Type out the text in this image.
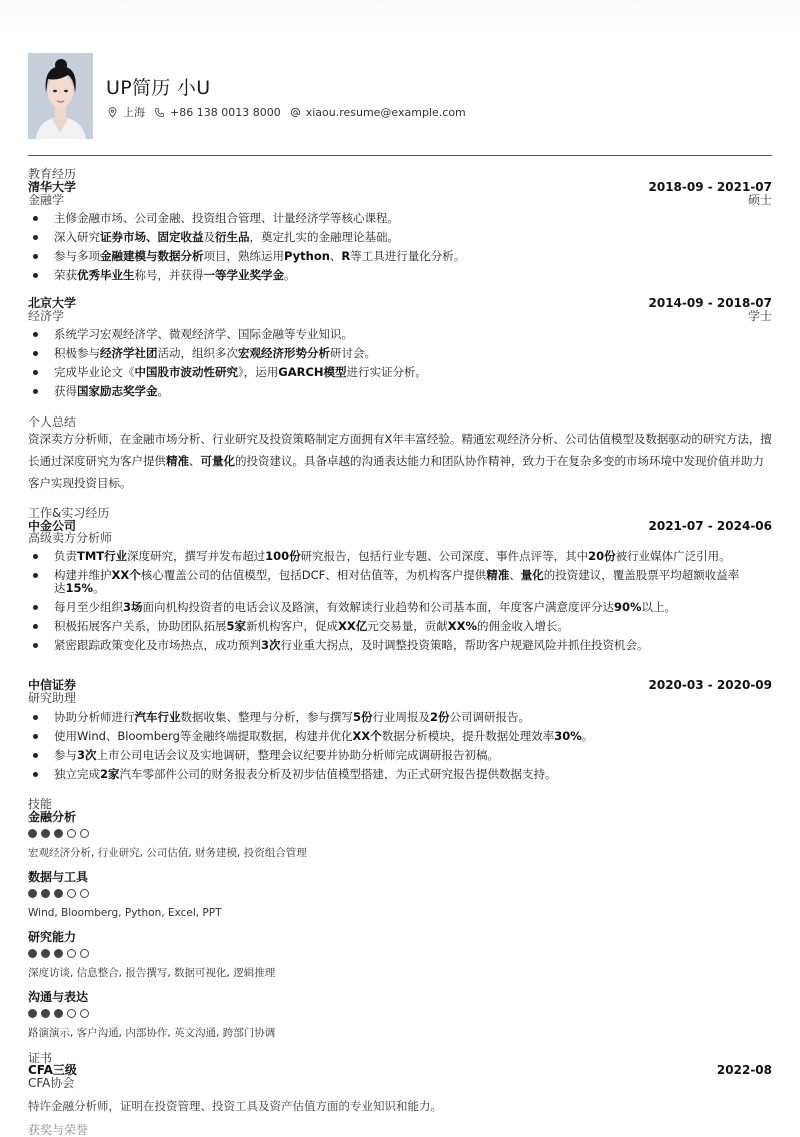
UP简历 小U
上海 +86 138 0013 8000 xiaou.resume@example.com
教育经历
清华大学
金融学
2018-09 - 2021-07
硕士
主修金融市场、公司金融、投资组合管理、计量经济学等核心课程。
深入研究证券市场、固定收益及衍生品，奠定扎实的金融理论基础。
参与多项金融建模与数据分析项目，熟练运用Python、R等工具进行量化分析。
荣获优秀毕业生称号，并获得一等学业奖学金。
北京大学
经济学
2014-09 - 2018-07
学士
系统学习宏观经济学、微观经济学、国际金融等专业知识。
积极参与经济学社团活动，组织多次宏观经济形势分析研讨会。
完成毕业论文《中国股市波动性研究》，运用GARCH模型进行实证分析。
获得国家励志奖学金。
个人总结
资深卖方分析师，在金融市场分析、行业研究及投资策略制定方面拥有X年丰富经验。精通宏观经济分析、公司估值模型及数据驱动的研究方法，擅长通过深度研究为客户提供精准、可量化的投资建议。具备卓越的沟通表达能力和团队协作精神，致力于在复杂多变的市场环境中发现价值并助力客户实现投资目标。
工作&实习经历
中金公司
高级卖方分析师
2021-07 - 2024-06
负责TMT行业深度研究，撰写并发布超过100份研究报告，包括行业专题、公司深度、事件点评等，其中20份被行业媒体广泛引用。
构建并维护XX个核心覆盖公司的估值模型，包括DCF、相对估值等，为机构客户提供精准、量化的投资建议，覆盖股票平均超额收益率达15%。
每月至少组织3场面向机构投资者的电话会议及路演，有效解读行业趋势和公司基本面，年度客户满意度评分达90%以上。
积极拓展客户关系，协助团队拓展5家新机构客户，促成XX亿元交易量，贡献XX%的佣金收入增长。
紧密跟踪政策变化及市场热点，成功预判3次行业重大拐点，及时调整投资策略，帮助客户规避风险并抓住投资机会。
中信证券
研究助理
2020-03 - 2020-09
协助分析师进行汽车行业数据收集、整理与分析，参与撰写5份行业周报及2份公司调研报告。
使用Wind、Bloomberg等金融终端提取数据，构建并优化XX个数据分析模块，提升数据处理效率30%。
参与3次上市公司电话会议及实地调研，整理会议纪要并协助分析师完成调研报告初稿。
独立完成2家汽车零部件公司的财务报表分析及初步估值模型搭建，为正式研究报告提供数据支持。
技能
金融分析
宏观经济分析, 行业研究, 公司估值, 财务建模, 投资组合管理
数据与工具
Wind, Bloomberg, Python, Excel, PPT
研究能力
深度访谈, 信息整合, 报告撰写, 数据可视化, 逻辑推理
沟通与表达
路演演示, 客户沟通, 内部协作, 英文沟通, 跨部门协调
证书
CFA三级
CFA协会
2022-08
特许金融分析师，证明在投资管理、投资工具及资产估值方面的专业知识和能力。
获奖与荣誉
